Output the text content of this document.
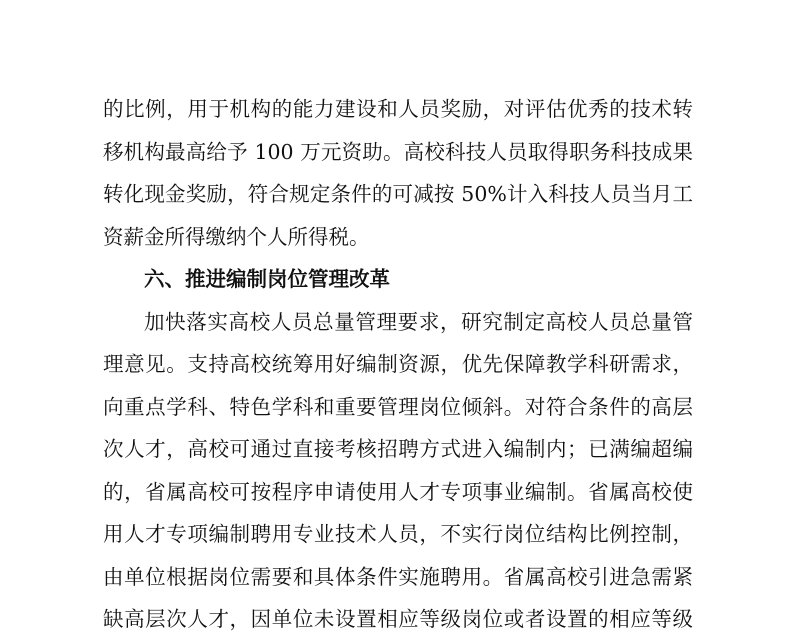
的比例，用于机构的能力建设和人员奖励，对评估优秀的技术转
移机构最高给予 100 万元资助。高校科技人员取得职务科技成果
转化现金奖励，符合规定条件的可减按 50%计入科技人员当月工
资薪金所得缴纳个人所得税。
六、推进编制岗位管理改革
加快落实高校人员总量管理要求，研究制定高校人员总量管
理意见。支持高校统筹用好编制资源，优先保障教学科研需求，
向重点学科、特色学科和重要管理岗位倾斜。对符合条件的高层
次人才，高校可通过直接考核招聘方式进入编制内；已满编超编
的，省属高校可按程序申请使用人才专项事业编制。省属高校使
用人才专项编制聘用专业技术人员，不实行岗位结构比例控制，
由单位根据岗位需要和具体条件实施聘用。省属高校引进急需紧
缺高层次人才，因单位未设置相应等级岗位或者设置的相应等级
